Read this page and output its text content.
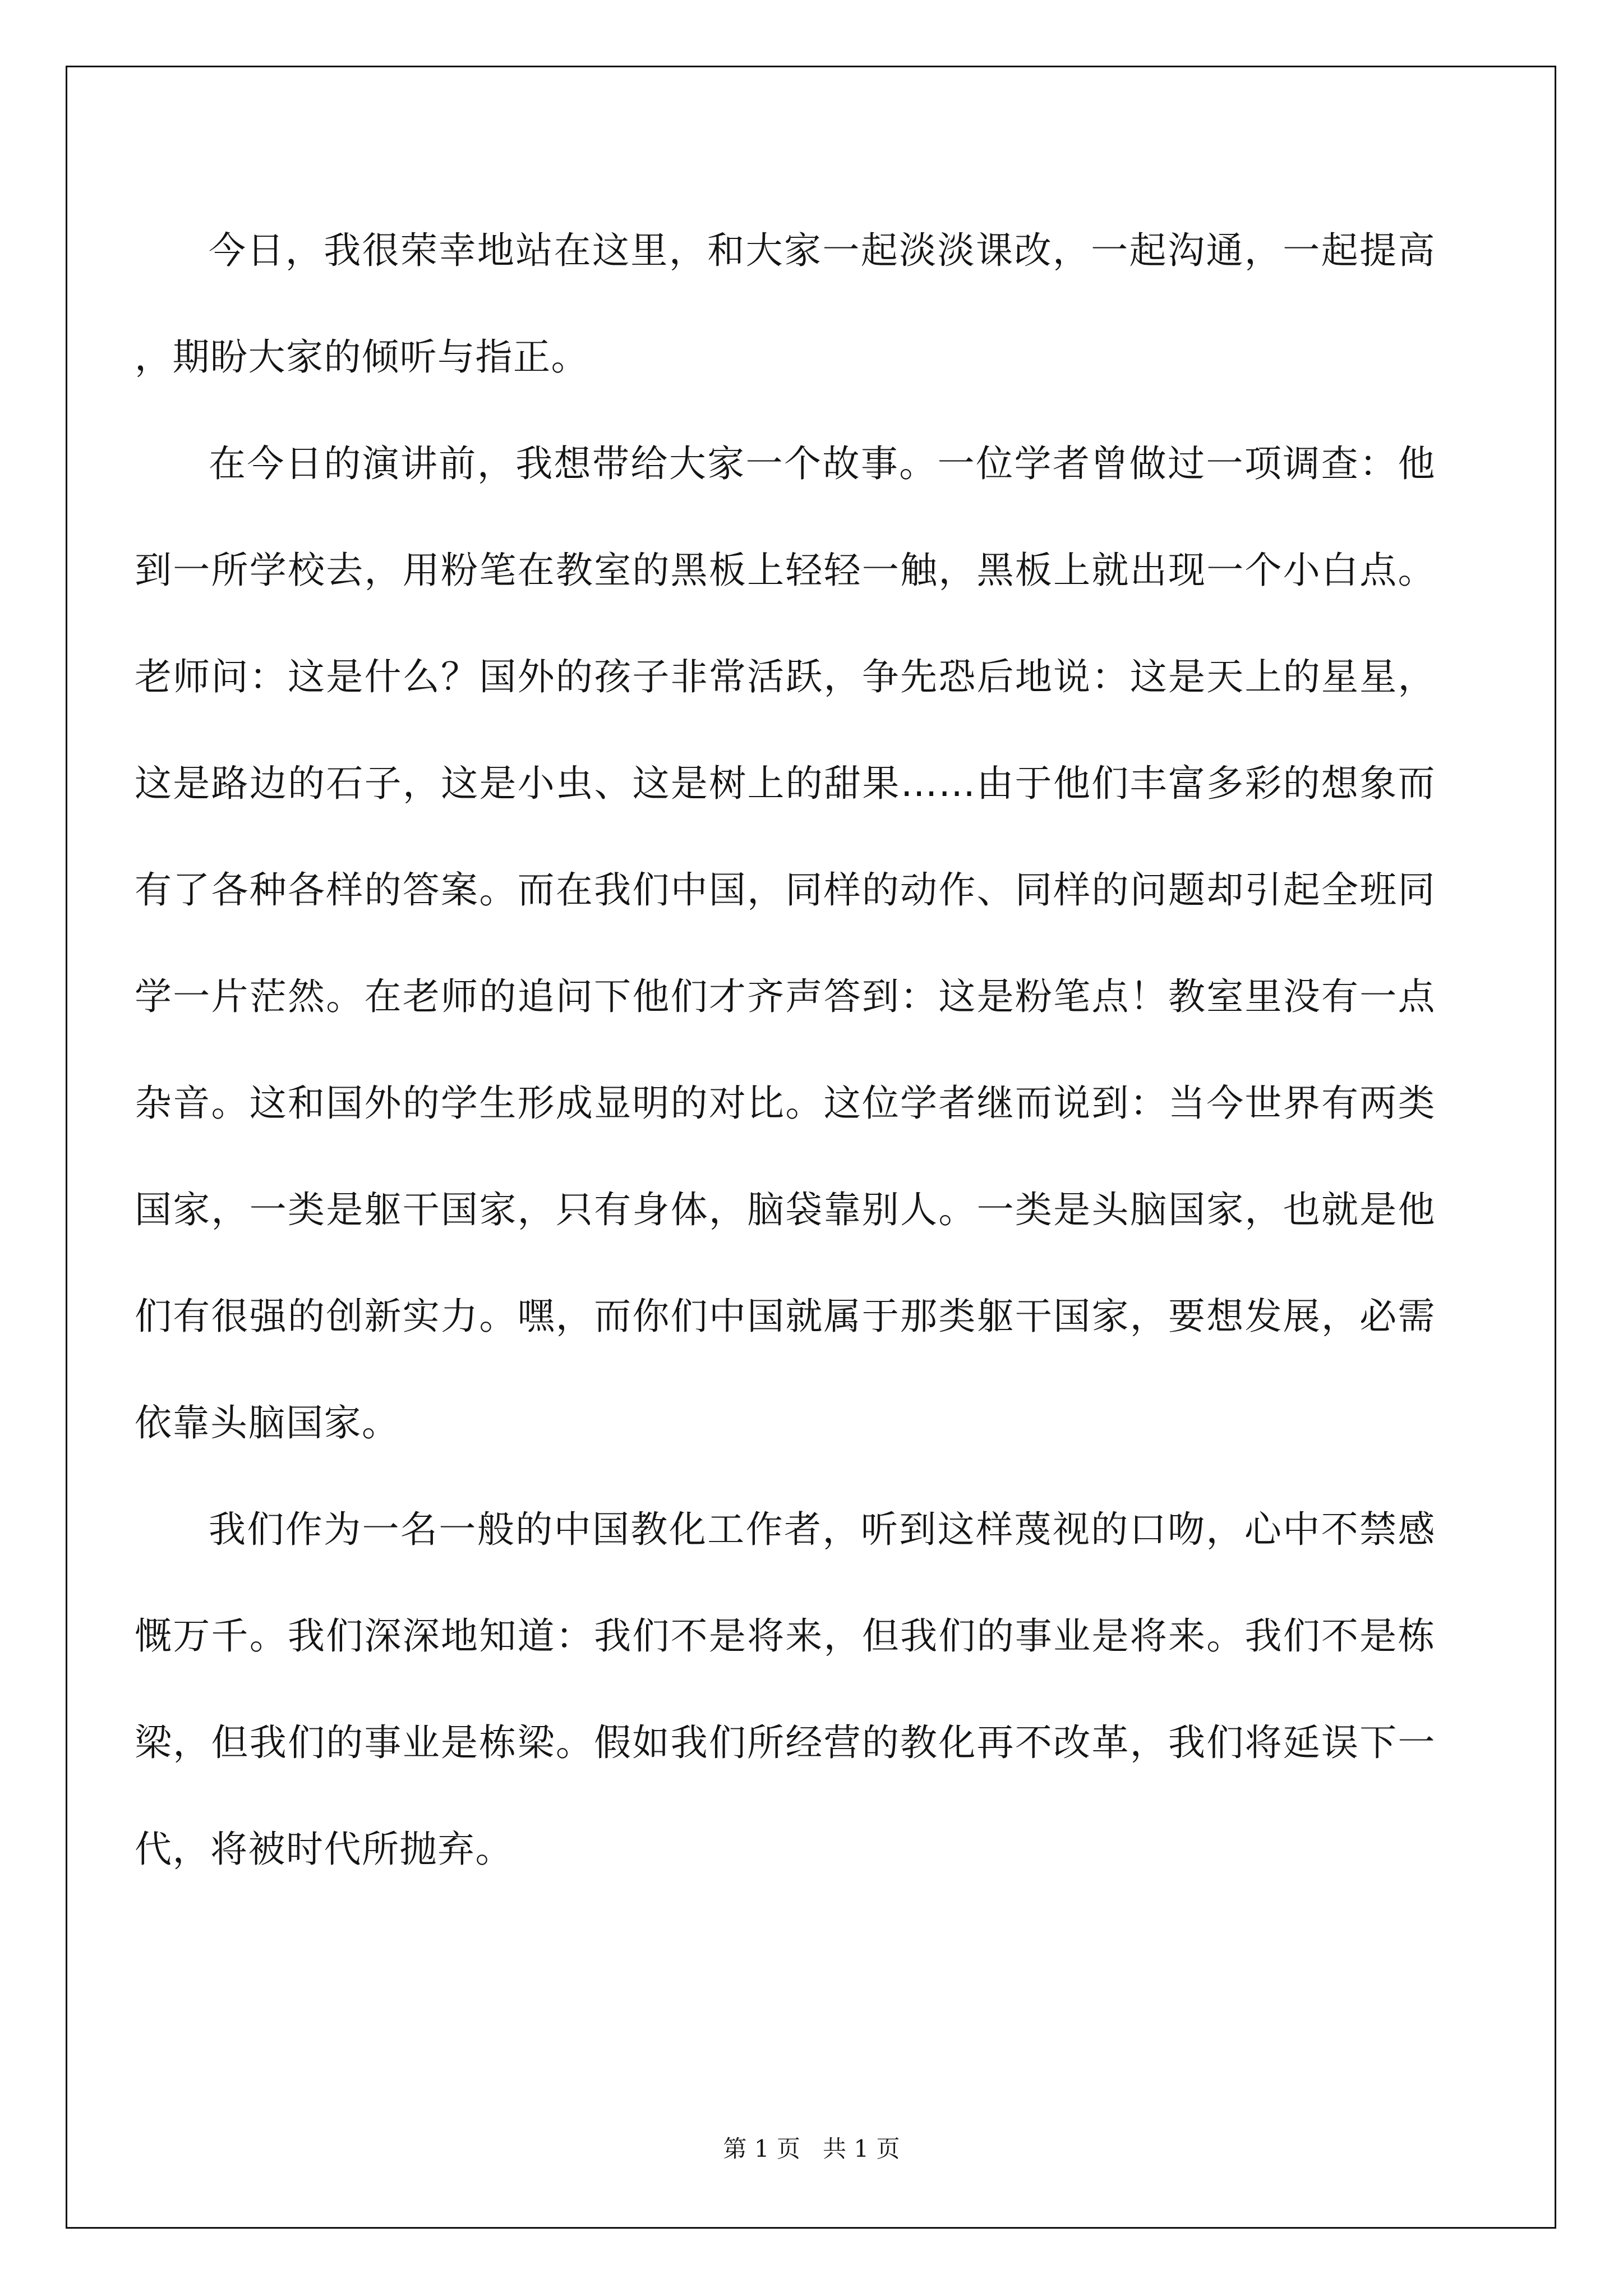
今日，我很荣幸地站在这里，和大家一起淡淡课改，一起沟通，一起提高，期盼大家的倾听与指正。

在今日的演讲前，我想带给大家一个故事。一位学者曾做过一项调查：他到一所学校去，用粉笔在教室的黑板上轻轻一触，黑板上就出现一个小白点。老师问：这是什么？国外的孩子非常活跃，争先恐后地说：这是天上的星星，这是路边的石子，这是小虫、这是树上的甜果……由于他们丰富多彩的想象而有了各种各样的答案。而在我们中国，同样的动作、同样的问题却引起全班同学一片茫然。在老师的追问下他们才齐声答到：这是粉笔点！教室里没有一点杂音。这和国外的学生形成显明的对比。这位学者继而说到：当今世界有两类国家，一类是躯干国家，只有身体，脑袋靠别人。一类是头脑国家，也就是他们有很强的创新实力。嘿，而你们中国就属于那类躯干国家，要想发展，必需依靠头脑国家。

我们作为一名一般的中国教化工作者，听到这样蔑视的口吻，心中不禁感慨万千。我们深深地知道：我们不是将来，但我们的事业是将来。我们不是栋梁，但我们的事业是栋梁。假如我们所经营的教化再不改革，我们将延误下一代，将被时代所抛弃。

第 1 页   共 1 页
